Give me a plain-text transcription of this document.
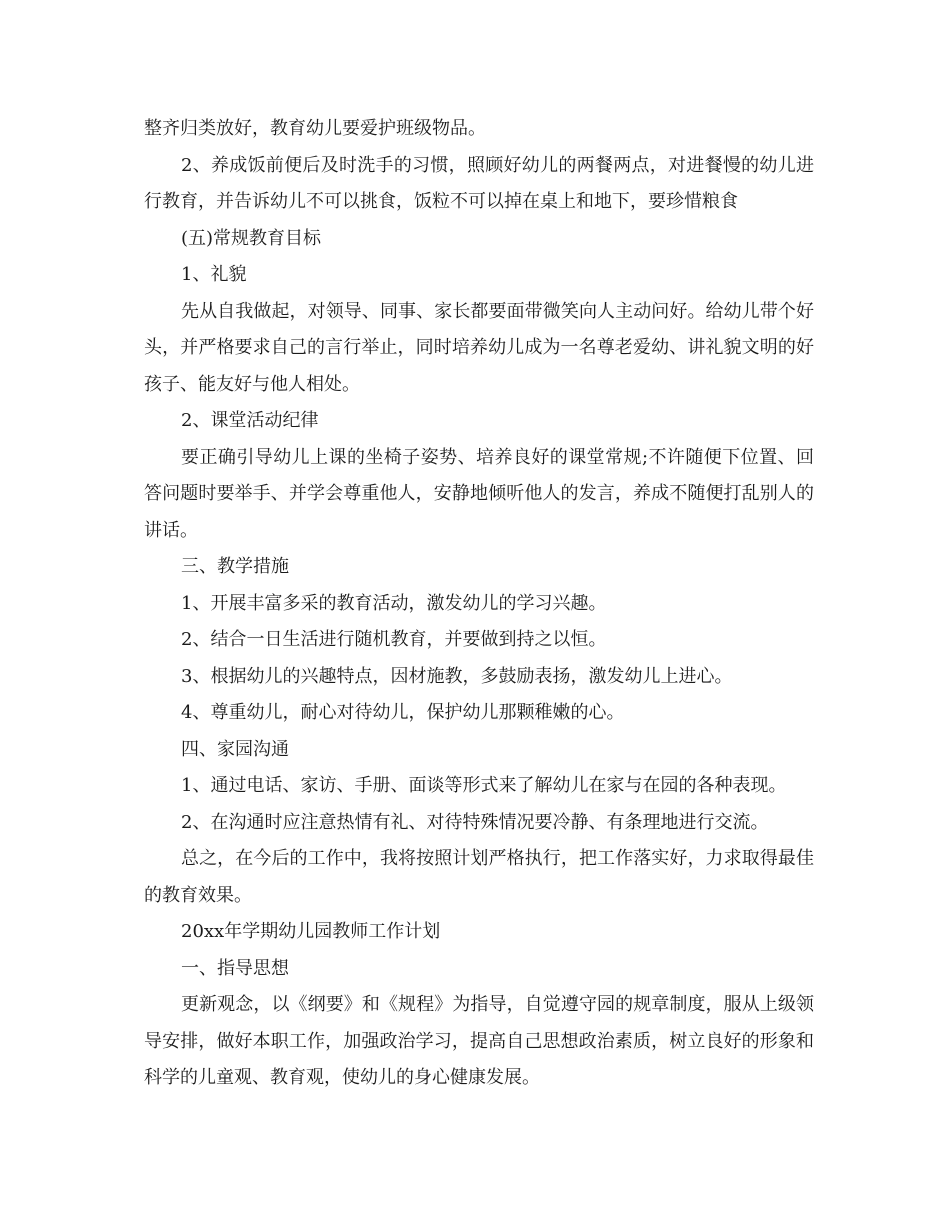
整齐归类放好，教育幼儿要爱护班级物品。

2、养成饭前便后及时洗手的习惯，照顾好幼儿的两餐两点，对进餐慢的幼儿进行教育，并告诉幼儿不可以挑食，饭粒不可以掉在桌上和地下，要珍惜粮食

(五)常规教育目标

1、礼貌

先从自我做起，对领导、同事、家长都要面带微笑向人主动问好。给幼儿带个好头，并严格要求自己的言行举止，同时培养幼儿成为一名尊老爱幼、讲礼貌文明的好孩子、能友好与他人相处。

2、课堂活动纪律

要正确引导幼儿上课的坐椅子姿势、培养良好的课堂常规;不许随便下位置、回答问题时要举手、并学会尊重他人，安静地倾听他人的发言，养成不随便打乱别人的讲话。

三、教学措施

1、开展丰富多采的教育活动，激发幼儿的学习兴趣。

2、结合一日生活进行随机教育，并要做到持之以恒。

3、根据幼儿的兴趣特点，因材施教，多鼓励表扬，激发幼儿上进心。

4、尊重幼儿，耐心对待幼儿，保护幼儿那颗稚嫩的心。

四、家园沟通

1、通过电话、家访、手册、面谈等形式来了解幼儿在家与在园的各种表现。

2、在沟通时应注意热情有礼、对待特殊情况要冷静、有条理地进行交流。

总之，在今后的工作中，我将按照计划严格执行，把工作落实好，力求取得最佳的教育效果。

20xx年学期幼儿园教师工作计划

一、指导思想

更新观念，以《纲要》和《规程》为指导，自觉遵守园的规章制度，服从上级领导安排，做好本职工作，加强政治学习，提高自己思想政治素质，树立良好的形象和科学的儿童观、教育观，使幼儿的身心健康发展。
